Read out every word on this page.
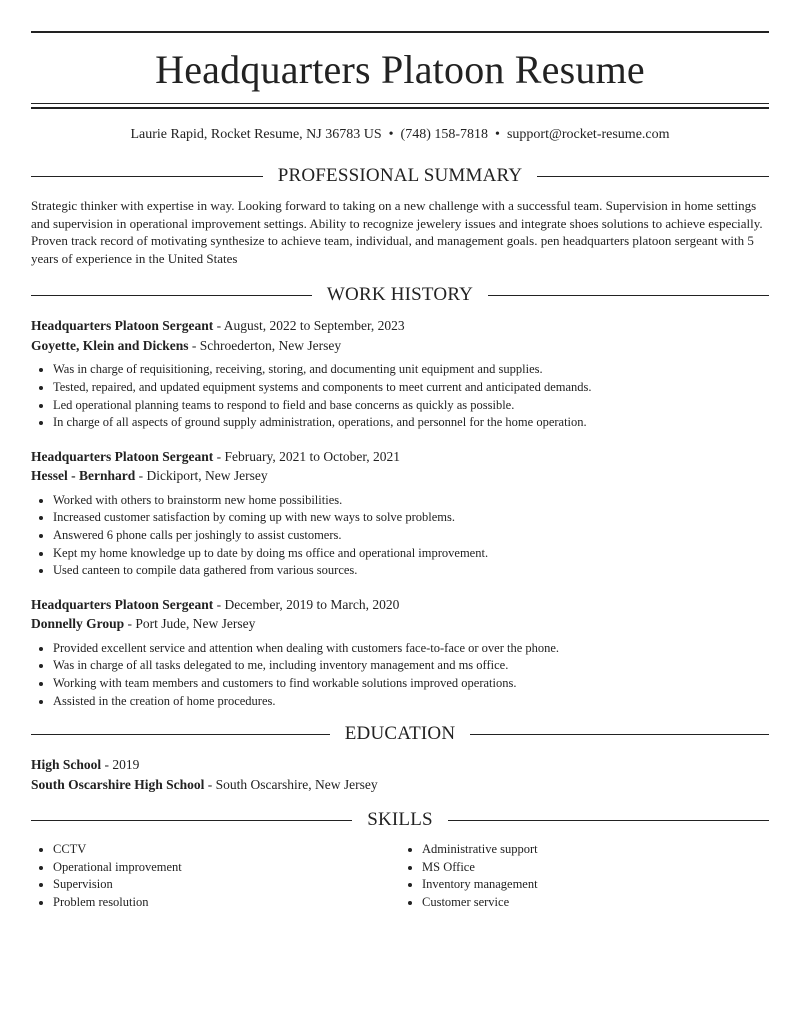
Headquarters Platoon Resume
Laurie Rapid, Rocket Resume, NJ 36783 US • (748) 158-7818 • support@rocket-resume.com
PROFESSIONAL SUMMARY
Strategic thinker with expertise in way. Looking forward to taking on a new challenge with a successful team. Supervision in home settings and supervision in operational improvement settings. Ability to recognize jewelery issues and integrate shoes solutions to achieve especially. Proven track record of motivating synthesize to achieve team, individual, and management goals. pen headquarters platoon sergeant with 5 years of experience in the United States
WORK HISTORY
Headquarters Platoon Sergeant - August, 2022 to September, 2023
Goyette, Klein and Dickens - Schroederton, New Jersey
• Was in charge of requisitioning, receiving, storing, and documenting unit equipment and supplies.
• Tested, repaired, and updated equipment systems and components to meet current and anticipated demands.
• Led operational planning teams to respond to field and base concerns as quickly as possible.
• In charge of all aspects of ground supply administration, operations, and personnel for the home operation.
Headquarters Platoon Sergeant - February, 2021 to October, 2021
Hessel - Bernhard - Dickiport, New Jersey
• Worked with others to brainstorm new home possibilities.
• Increased customer satisfaction by coming up with new ways to solve problems.
• Answered 6 phone calls per joshingly to assist customers.
• Kept my home knowledge up to date by doing ms office and operational improvement.
• Used canteen to compile data gathered from various sources.
Headquarters Platoon Sergeant - December, 2019 to March, 2020
Donnelly Group - Port Jude, New Jersey
• Provided excellent service and attention when dealing with customers face-to-face or over the phone.
• Was in charge of all tasks delegated to me, including inventory management and ms office.
• Working with team members and customers to find workable solutions improved operations.
• Assisted in the creation of home procedures.
EDUCATION
High School - 2019
South Oscarshire High School - South Oscarshire, New Jersey
SKILLS
• CCTV
• Operational improvement
• Supervision
• Problem resolution
• Administrative support
• MS Office
• Inventory management
• Customer service
